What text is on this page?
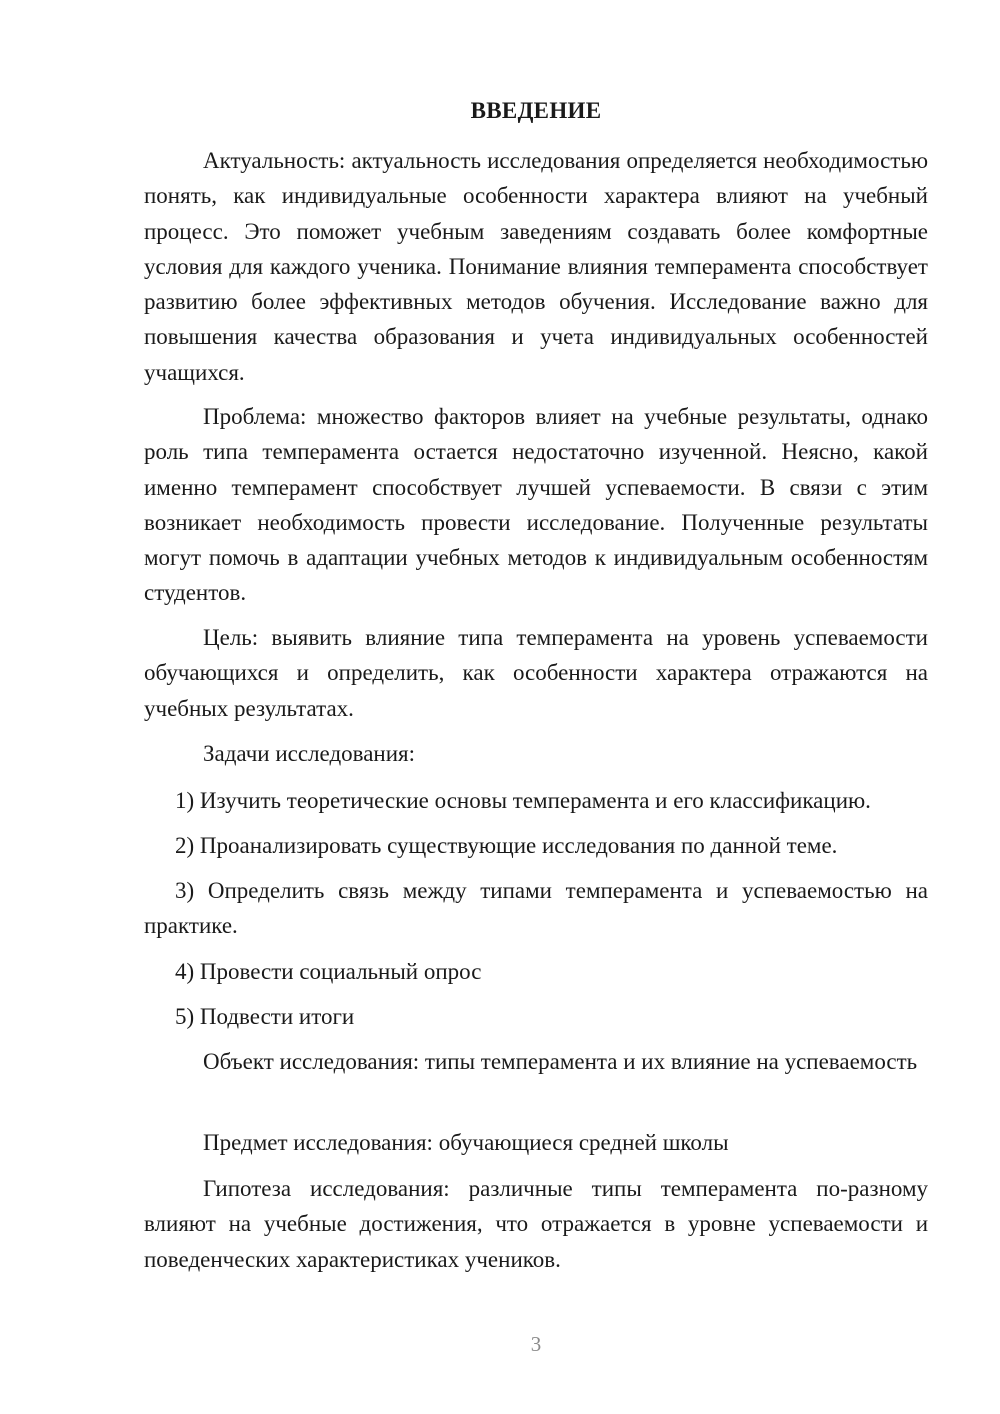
ВВЕДЕНИЕ

Актуальность: актуальность исследования определяется необходимостью понять, как индивидуальные особенности характера влияют на учебный процесс. Это поможет учебным заведениям создавать более комфортные условия для каждого ученика. Понимание влияния темперамента способствует развитию более эффективных методов обучения. Исследование важно для повышения качества образования и учета индивидуальных особенностей учащихся.

Проблема: множество факторов влияет на учебные результаты, однако роль типа темперамента остается недостаточно изученной. Неясно, какой именно темперамент способствует лучшей успеваемости. В связи с этим возникает необходимость провести исследование. Полученные результаты могут помочь в адаптации учебных методов к индивидуальным особенностям студентов.

Цель: выявить влияние типа темперамента на уровень успеваемости обучающихся и определить, как особенности характера отражаются на учебных результатах.

Задачи исследования:

1) Изучить теоретические основы темперамента и его классификацию.

2) Проанализировать существующие исследования по данной теме.

3) Определить связь между типами темперамента и успеваемостью на практике.

4) Провести социальный опрос

5) Подвести итоги

Объект исследования: типы темперамента и их влияние на успеваемость

Предмет исследования: обучающиеся средней школы

Гипотеза исследования: различные типы темперамента по-разному влияют на учебные достижения, что отражается в уровне успеваемости и поведенческих характеристиках учеников.

3
